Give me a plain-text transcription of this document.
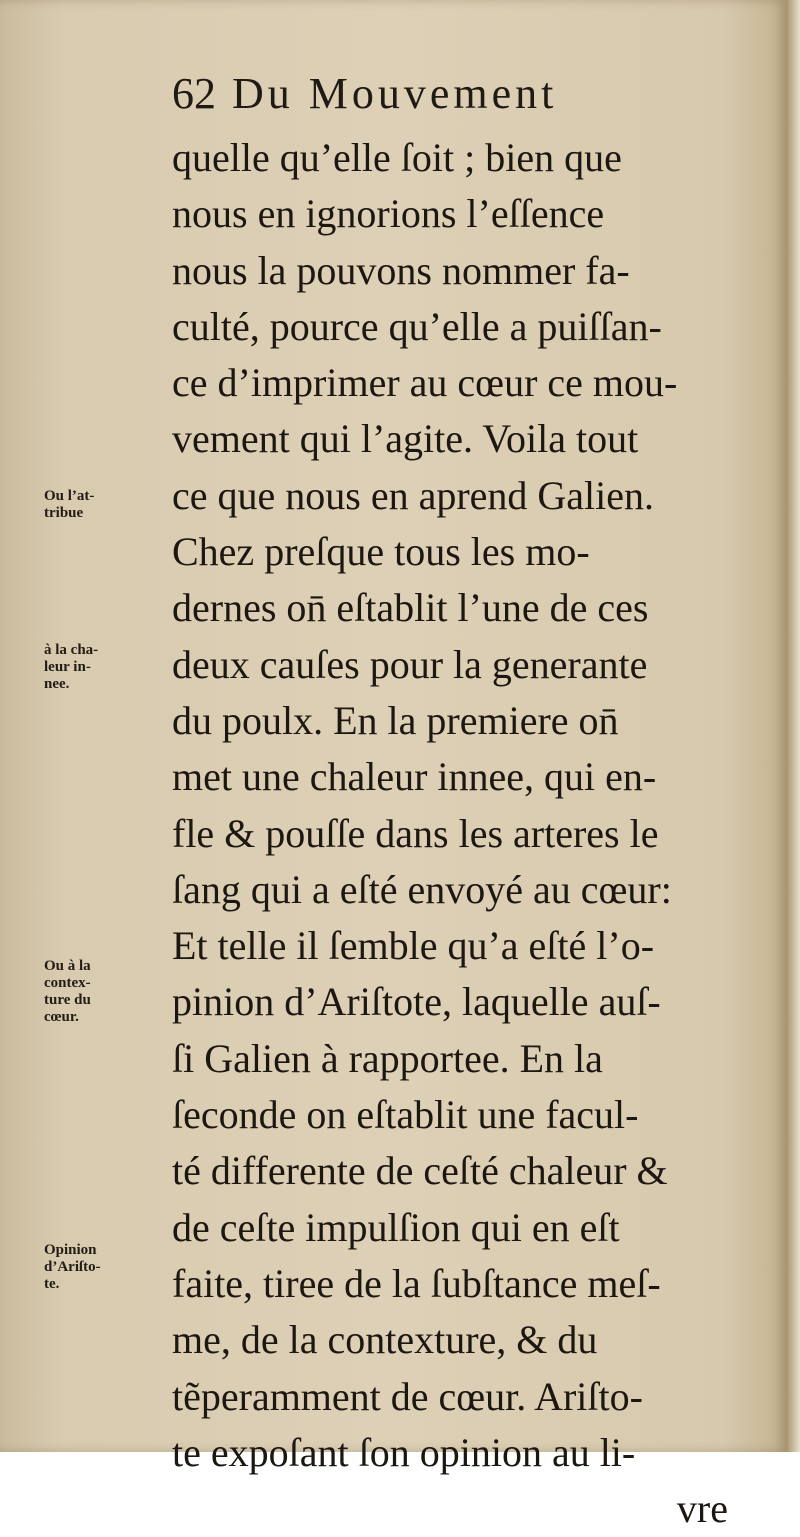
62 Du Mouvement
Ou l’at-
tribue
à la cha-
leur in-
nee.
Ou à la
contex-
ture du
cœur.
Opinion
d’Ariſto-
te.
quelle qu’elle ſoit ; bien que
nous en ignorions l’eſſence
nous la pouvons nommer fa-
culté, pource qu’elle a puiſſan-
ce d’imprimer au cœur ce mou-
vement qui l’agite. Voila tout
ce que nous en aprend Galien.
Chez preſque tous les mo-
dernes on̄ eſtablit l’une de ces
deux cauſes pour la generante
du poulx. En la premiere on̄
met une chaleur innee, qui en-
fle & pouſſe dans les arteres le
ſang qui a eſté envoyé au cœur:
Et telle il ſemble qu’a eſté l’o-
pinion d’Ariſtote, laquelle auſ-
ſi Galien à rapportee. En la
ſeconde on eſtablit une facul-
té differente de ceſté chaleur &
de ceſte impulſion qui en eſt
faite, tiree de la ſubſtance meſ-
me, de la contexture, & du
tẽperamment de cœur. Ariſto-
te expoſant ſon opinion au li-
vre
